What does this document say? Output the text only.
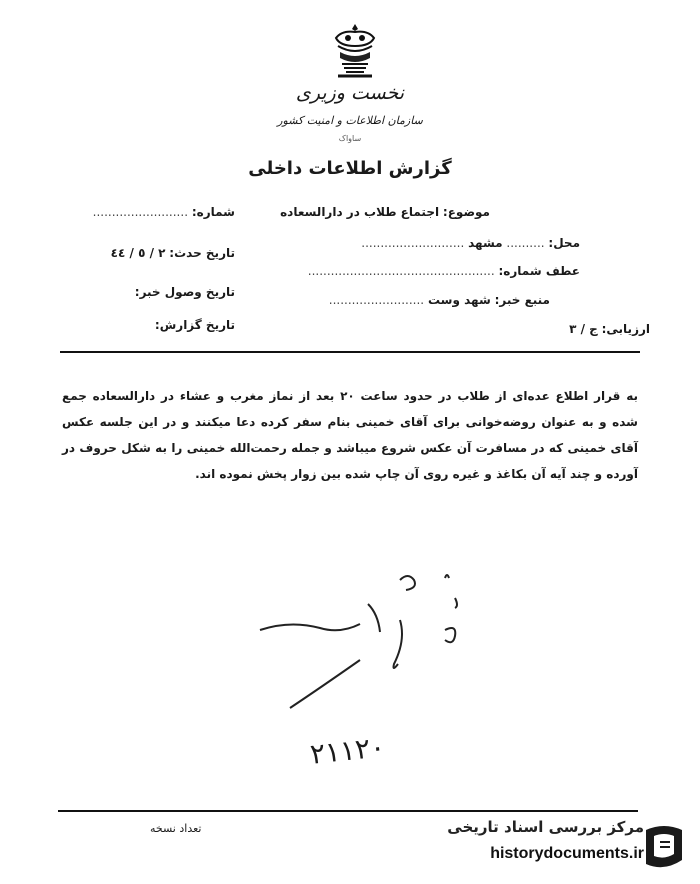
نخست وزیری
سازمان اطلاعات و امنیت کشور
ساواک
گزارش اطلاعات داخلی
موضوع: اجتماع طلاب در دارالسعاده
محل: .......... مشهد ...........................
عطف شماره: .................................................
منبع خبر: شهد وست .........................
ارزیابی: ج / ٣
شماره: .........................
تاریخ حدث: ٢ / ٥ / ٤٤
تاریخ وصول خبر:
تاریخ گزارش:
به‌ قرار اطلاع عده‌ای از طلاب در حدود ساعت ٢٠ بعد از نماز مغرب و عشاء در دارالسعاده جمع شده و به‌ عنوان روضه‌خوانی برای آقای خمینی بنام سفر کرده دعا میکنند و در این جلسه عکس آقای خمینی که در مسافرت آن عکس شروع میباشد و جمله رحمت‌الله خمینی را به شکل حروف در آورده و چند آیه آن بکاغذ و غیره روی آن چاپ شده بین زوار پخش نموده اند.
٢١١٢٠
تعداد نسخه	مرکز بررسی اسناد تاریخی
historydocuments.ir
